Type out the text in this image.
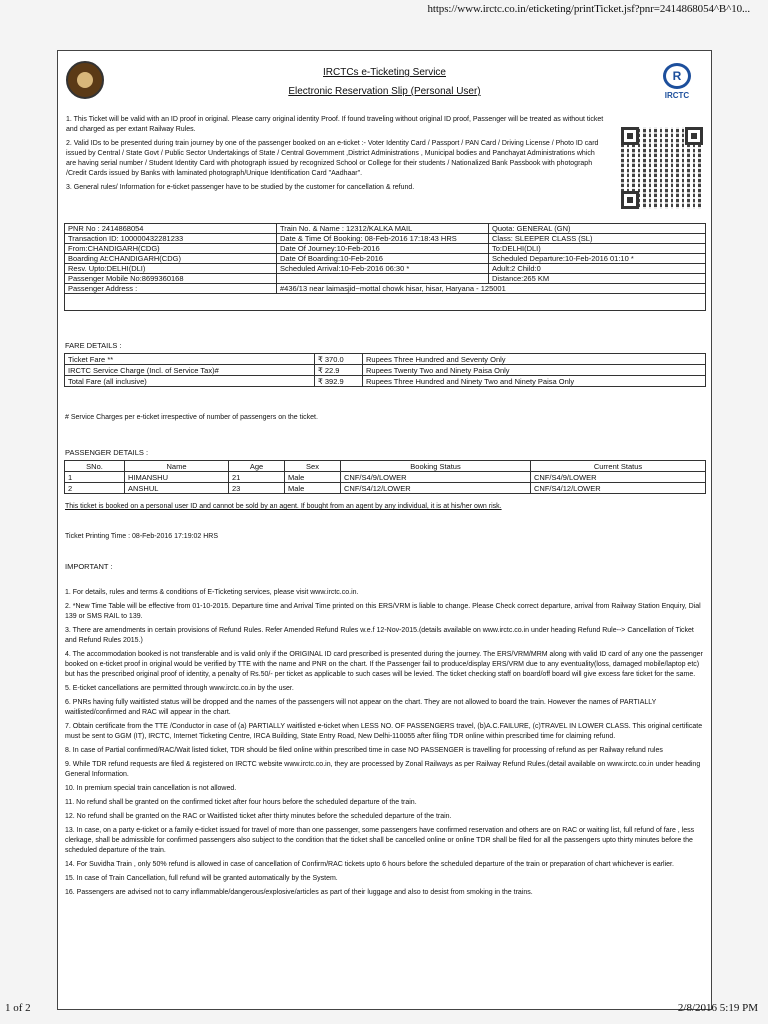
https://www.irctc.co.in/eticketing/printTicket.jsf?pnr=2414868054^B^10...
IRCTCs e-Ticketing Service
Electronic Reservation Slip (Personal User)
R
IRCTC

1. This Ticket will be valid with an ID proof in original. Please carry original identity Proof. If found traveling without original ID proof, Passenger will be treated as without ticket and charged as per extant Railway Rules.

2. Valid IDs to be presented during train journey by one of the passenger booked on an e-ticket :- Voter Identity Card / Passport / PAN Card / Driving License / Photo ID card issued by Central / State Govt / Public Sector Undertakings of State / Central Government ,District Administrations , Municipal bodies and Panchayat Administrations which are having serial number / Student Identity Card with photograph issued by recognized School or College for their students / Nationalized Bank Passbook with photograph /Credit Cards issued by Banks with laminated photograph/Unique Identification Card "Aadhaar".

3. General rules/ Information for e-ticket passenger have to be studied by the customer for cancellation & refund.

PNR No : 2414868054	Train No. & Name : 12312/KALKA MAIL	Quota: GENERAL (GN)
Transaction ID: 100000432281233	Date & Time Of Booking: 08-Feb-2016 17:18:43 HRS	Class: SLEEPER CLASS (SL)
From:CHANDIGARH(CDG)	Date Of Journey:10-Feb-2016	To:DELHI(DLI)
Boarding At:CHANDIGARH(CDG)	Date Of Boarding:10-Feb-2016	Scheduled Departure:10-Feb-2016 01:10 *
Resv. Upto:DELHI(DLI)	Scheduled Arrival:10-Feb-2016 06:30 *	Adult:2 Child:0
Passenger Mobile No:8699360168		Distance:265 KM
Passenger Address :	#436/13 near laimasjid~mottal chowk hisar, hisar, Haryana - 125001	

FARE DETAILS :
Ticket Fare **	₹ 370.0	Rupees Three Hundred and Seventy Only
IRCTC Service Charge (Incl. of Service Tax)#	₹ 22.9	Rupees Twenty Two and Ninety Paisa Only
Total Fare (all inclusive)	₹ 392.9	Rupees Three Hundred and Ninety Two and Ninety Paisa Only
# Service Charges per e-ticket irrespective of number of passengers on the ticket.
PASSENGER DETAILS :
SNo.	Name	Age	Sex	Booking Status	Current Status
1	HIMANSHU	21	Male	CNF/S4/9/LOWER	CNF/S4/9/LOWER
2	ANSHUL	23	Male	CNF/S4/12/LOWER	CNF/S4/12/LOWER
This ticket is booked on a personal user ID and cannot be sold by an agent. If bought from an agent by any individual, it is at his/her own risk.
Ticket Printing Time : 08-Feb-2016 17:19:02 HRS
IMPORTANT :

1. For details, rules and terms & conditions of E-Ticketing services, please visit www.irctc.co.in.

2. *New Time Table will be effective from 01-10-2015. Departure time and Arrival Time printed on this ERS/VRM is liable to change. Please Check correct departure, arrival from Railway Station Enquiry, Dial 139 or SMS RAIL to 139.

3. There are amendments in certain provisions of Refund Rules. Refer Amended Refund Rules w.e.f 12-Nov-2015.(details available on www.irctc.co.in under heading Refund Rule--> Cancellation of Ticket and Refund Rules 2015.)

4. The accommodation booked is not transferable and is valid only if the ORIGINAL ID card prescribed is presented during the journey. The ERS/VRM/MRM along with valid ID card of any one the passenger booked on e-ticket proof in original would be verified by TTE with the name and PNR on the chart. If the Passenger fail to produce/display ERS/VRM due to any eventuality(loss, damaged mobile/laptop etc) but has the prescribed original proof of identity, a penalty of Rs.50/- per ticket as applicable to such cases will be levied. The ticket checking staff on board/off board will give excess fare ticket for the same.

5. E-ticket cancellations are permitted through www.irctc.co.in by the user.

6. PNRs having fully waitlisted status will be dropped and the names of the passengers will not appear on the chart. They are not allowed to board the train. However the names of PARTIALLY waitlisted/confirmed and RAC will appear in the chart.

7. Obtain certificate from the TTE /Conductor in case of (a) PARTIALLY waitlisted e-ticket when LESS NO. OF PASSENGERS travel, (b)A.C.FAILURE, (c)TRAVEL IN LOWER CLASS. This original certificate must be sent to GGM (IT), IRCTC, Internet Ticketing Centre, IRCA Building, State Entry Road, New Delhi-110055 after filing TDR online within prescribed time for claiming refund.

8. In case of Partial confirmed/RAC/Wait listed ticket, TDR should be filed online within prescribed time in case NO PASSENGER is travelling for processing of refund as per Railway refund rules

9. While TDR refund requests are filed & registered on IRCTC website www.irctc.co.in, they are processed by Zonal Railways as per Railway Refund Rules.(detail available on www.irctc.co.in under heading General Information.

10. In premium special train cancellation is not allowed.

11. No refund shall be granted on the confirmed ticket after four hours before the scheduled departure of the train.

12. No refund shall be granted on the RAC or Waitlisted ticket after thirty minutes before the scheduled departure of the train.

13. In case, on a party e-ticket or a family e-ticket issued for travel of more than one passenger, some passengers have confirmed reservation and others are on RAC or waiting list, full refund of fare , less clerkage, shall be admissible for confirmed passengers also subject to the condition that the ticket shall be cancelled online or online TDR shall be filed for all the passengers upto thirty minutes before the scheduled departure of the train.

14. For Suvidha Train , only 50% refund is allowed in case of cancellation of Confirm/RAC tickets upto 6 hours before the scheduled departure of the train or preparation of chart whichever is earlier.

15. In case of Train Cancellation, full refund will be granted automatically by the System.

16. Passengers are advised not to carry inflammable/dangerous/explosive/articles as part of their luggage and also to desist from smoking in the trains.

1 of 2	2/8/2016 5:19 PM
